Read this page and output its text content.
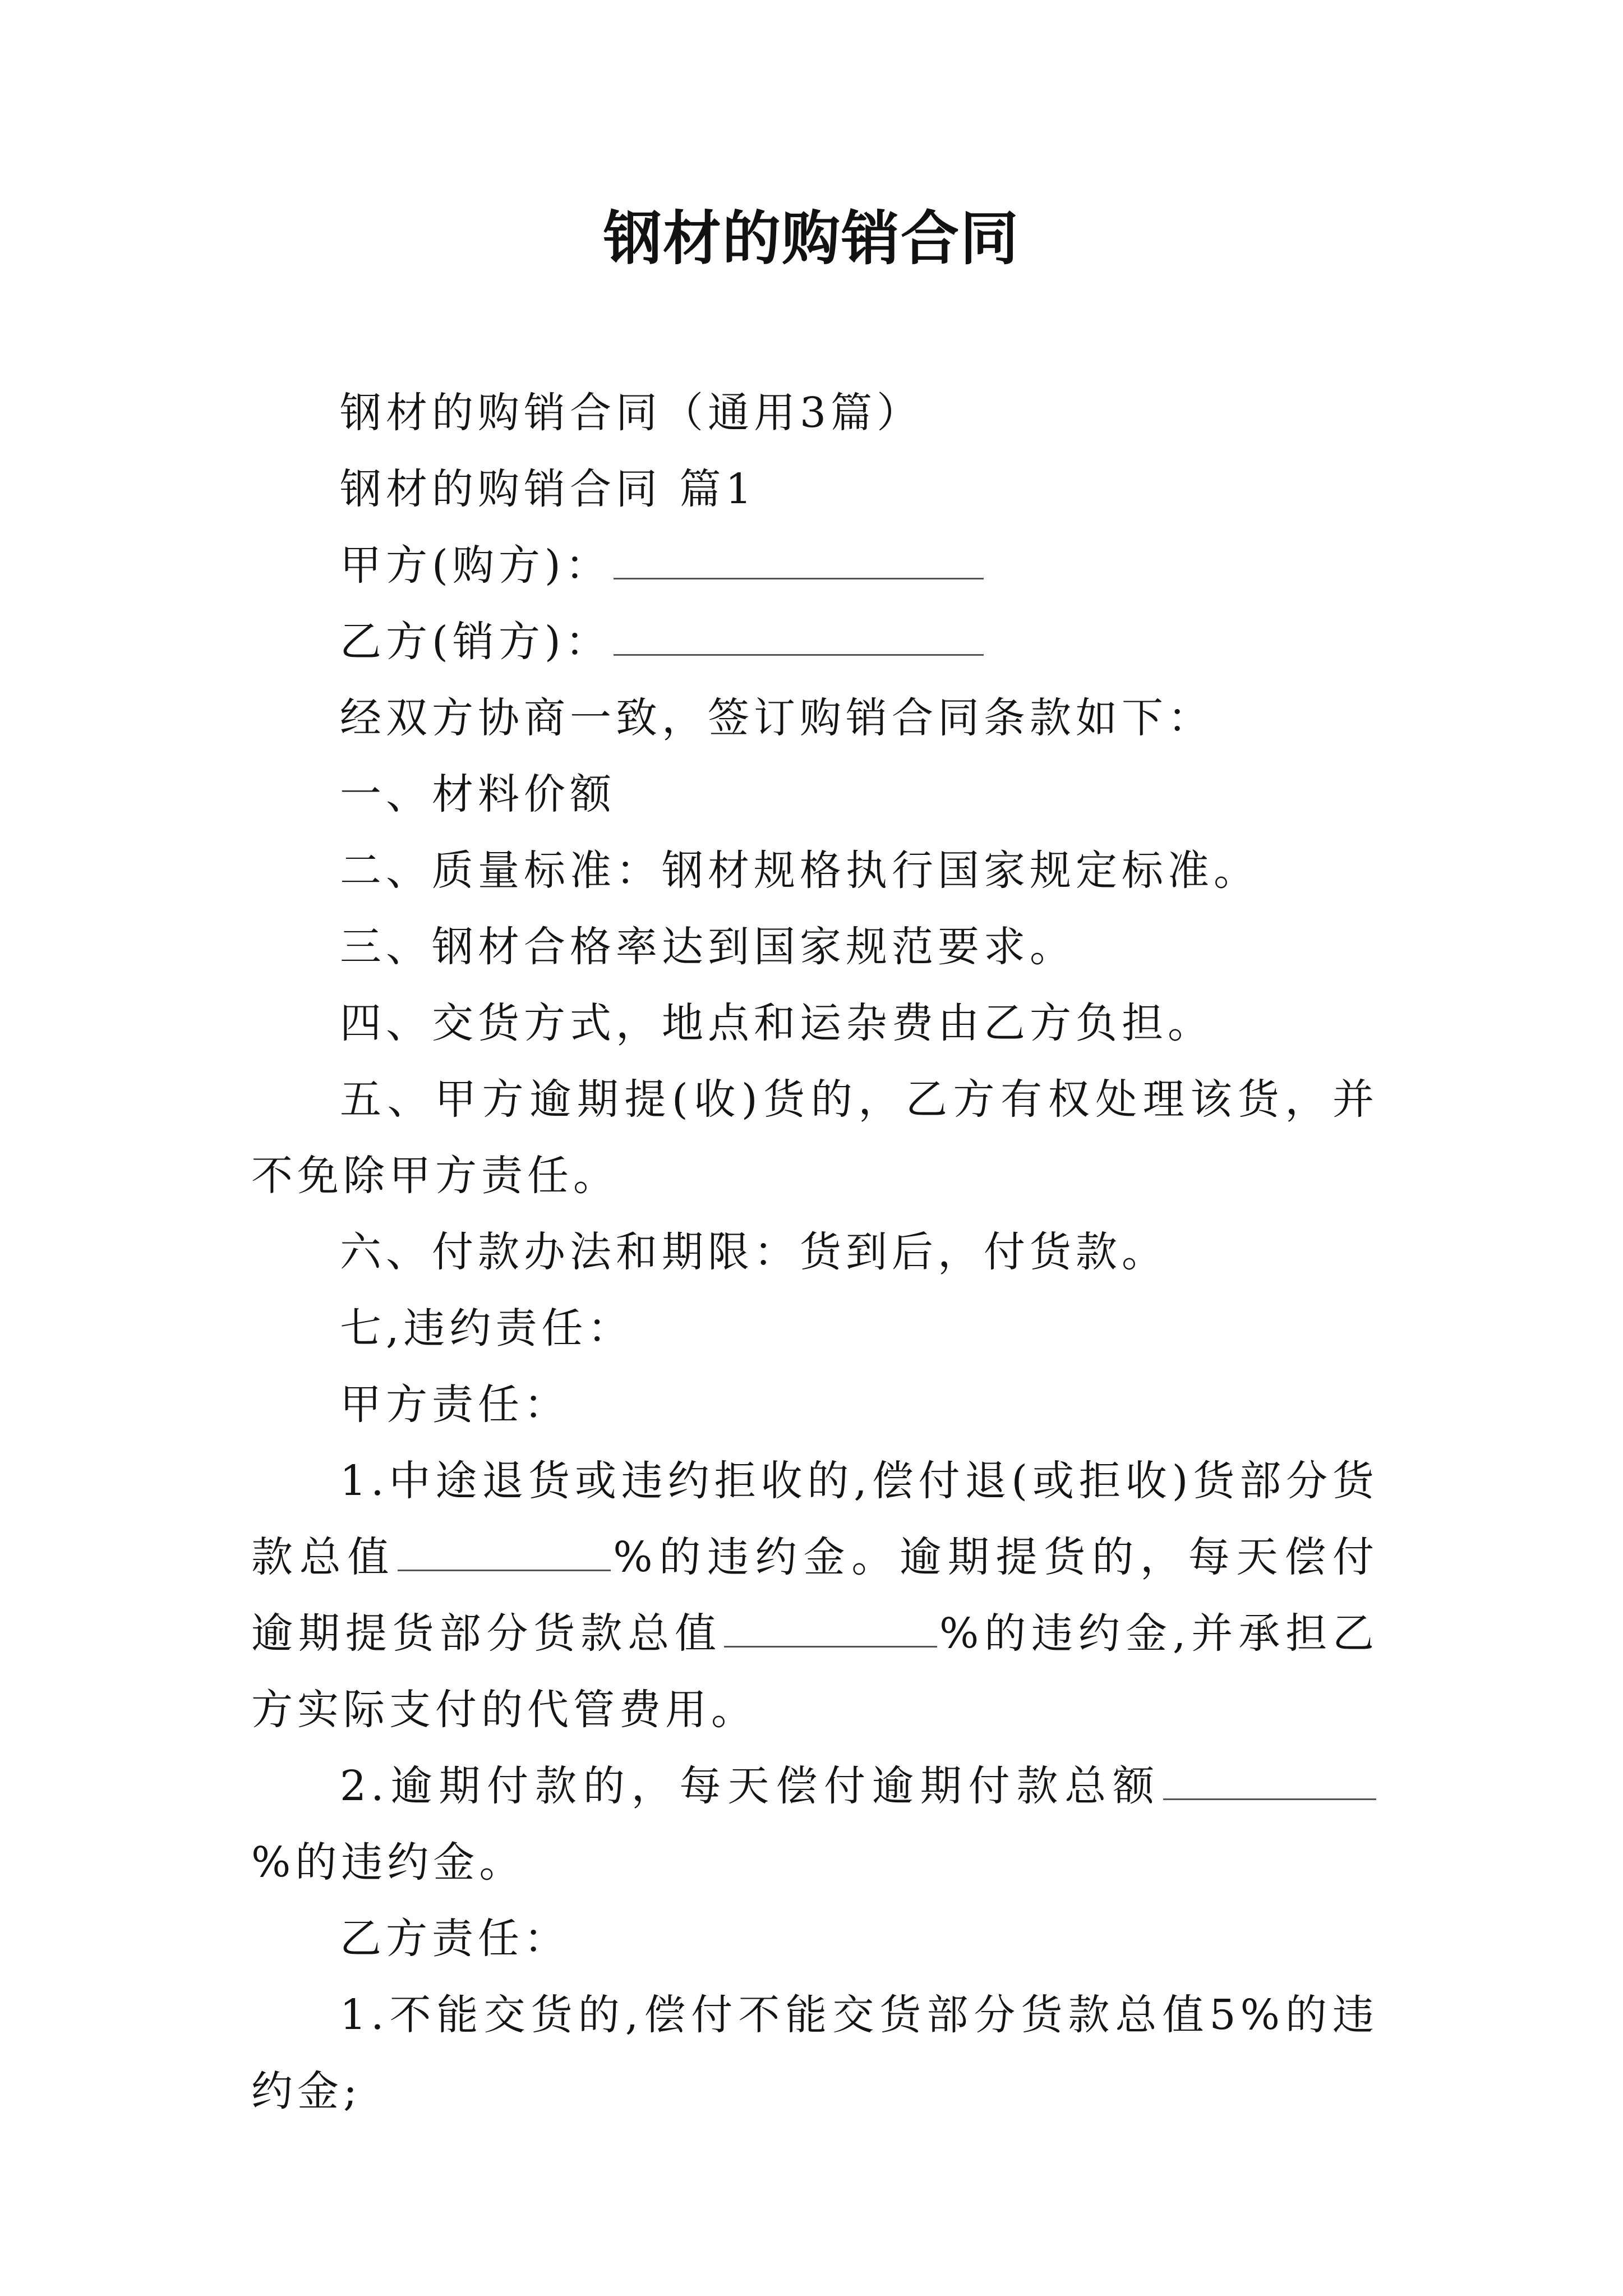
钢材的购销合同

钢材的购销合同（通用3篇）

钢材的购销合同 篇1

甲方(购方)：

乙方(销方)：

经双方协商一致，签订购销合同条款如下：

一、材料价额

二、质量标准：钢材规格执行国家规定标准。

三、钢材合格率达到国家规范要求。

四、交货方式，地点和运杂费由乙方负担。

五、甲方逾期提(收)货的，乙方有权处理该货，并不免除甲方责任。

六、付款办法和期限：货到后，付货款。

七,违约责任：

甲方责任：

1.中途退货或违约拒收的,偿付退(或拒收)货部分货款总值	%的违约金。逾期提货的，每天偿付逾期提货部分货款总值	%的违约金,并承担乙方实际支付的代管费用。

2.逾期付款的，每天偿付逾期付款总额%的违约金。

乙方责任：

1.不能交货的,偿付不能交货部分货款总值5%的违约金;
